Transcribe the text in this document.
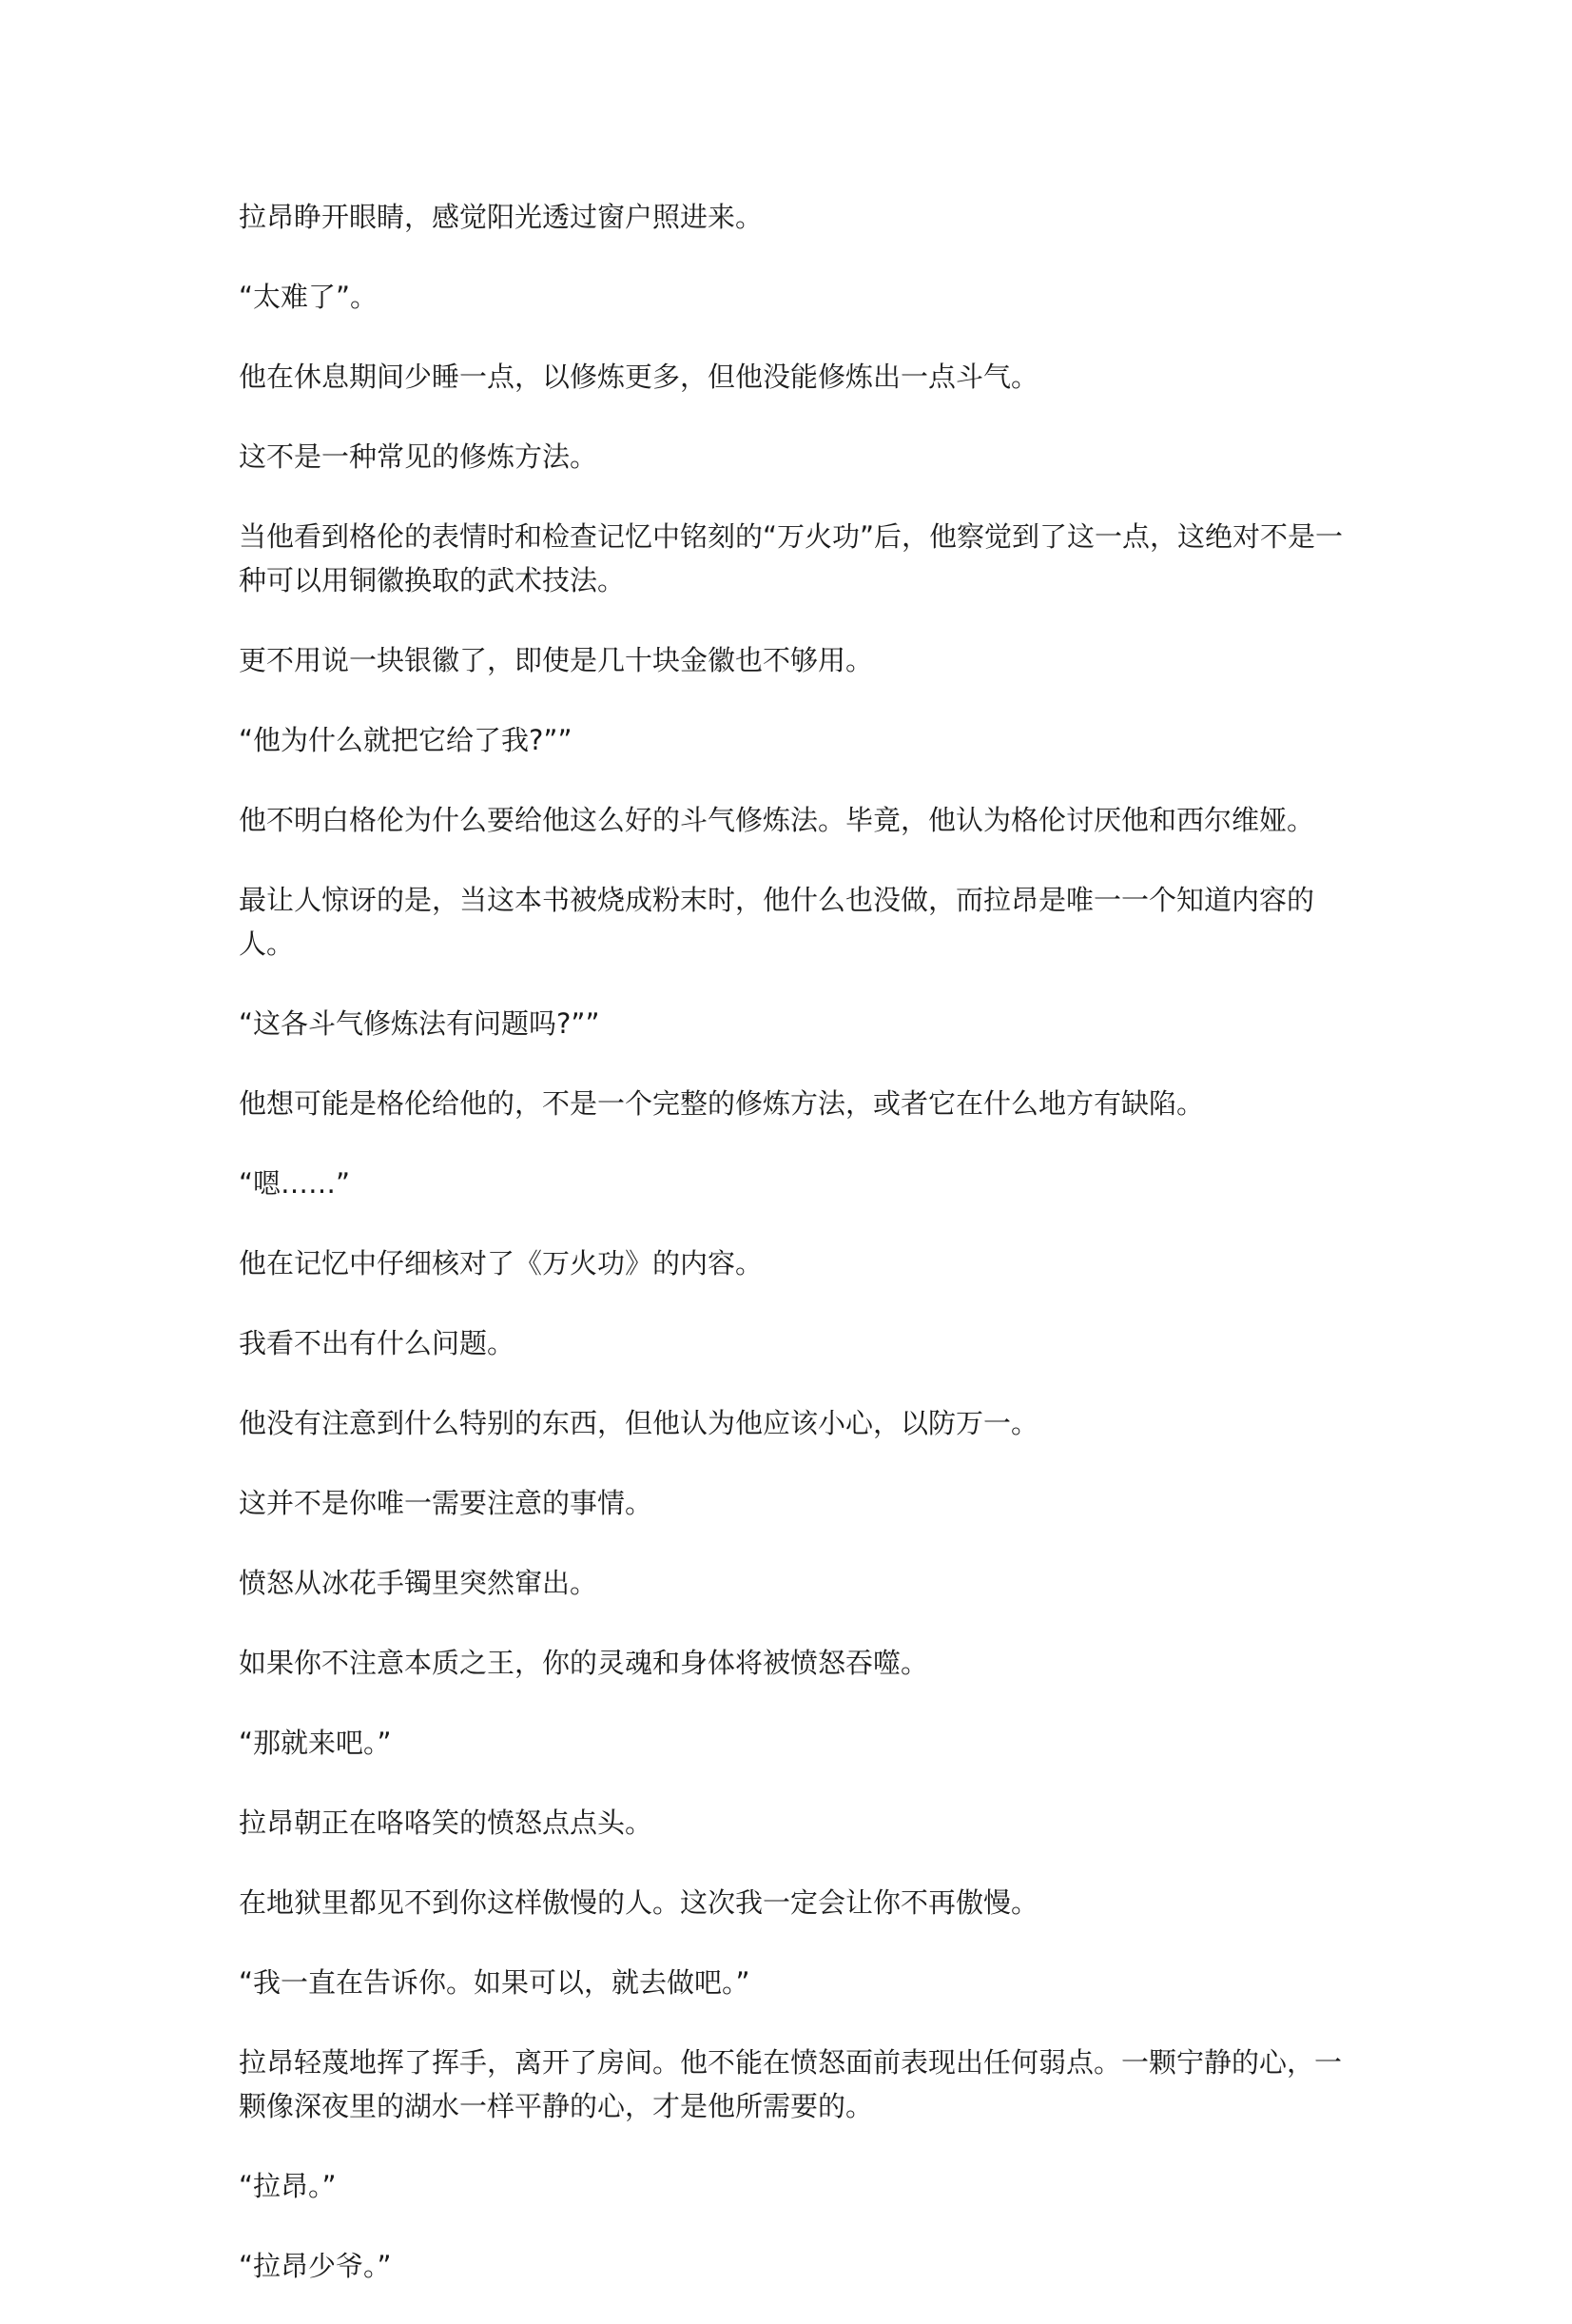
拉昂睁开眼睛，感觉阳光透过窗户照进来。

“太难了”。

他在休息期间少睡一点，以修炼更多，但他没能修炼出一点斗气。

这不是一种常见的修炼方法。

当他看到格伦的表情时和检查记忆中铭刻的“万火功”后，他察觉到了这一点，这绝对不是一种可以用铜徽换取的武术技法。

更不用说一块银徽了，即使是几十块金徽也不够用。

“他为什么就把它给了我?””

他不明白格伦为什么要给他这么好的斗气修炼法。毕竟，他认为格伦讨厌他和西尔维娅。

最让人惊讶的是，当这本书被烧成粉末时，他什么也没做，而拉昂是唯一一个知道内容的人。

“这各斗气修炼法有问题吗?””

他想可能是格伦给他的，不是一个完整的修炼方法，或者它在什么地方有缺陷。

“嗯……”

他在记忆中仔细核对了《万火功》的内容。

我看不出有什么问题。

他没有注意到什么特别的东西，但他认为他应该小心，以防万一。

这并不是你唯一需要注意的事情。

愤怒从冰花手镯里突然窜出。

如果你不注意本质之王，你的灵魂和身体将被愤怒吞噬。

“那就来吧。”

拉昂朝正在咯咯笑的愤怒点点头。

在地狱里都见不到你这样傲慢的人。这次我一定会让你不再傲慢。

“我一直在告诉你。如果可以，就去做吧。”

拉昂轻蔑地挥了挥手，离开了房间。他不能在愤怒面前表现出任何弱点。一颗宁静的心，一颗像深夜里的湖水一样平静的心，才是他所需要的。

“拉昂。”

“拉昂少爷。”
